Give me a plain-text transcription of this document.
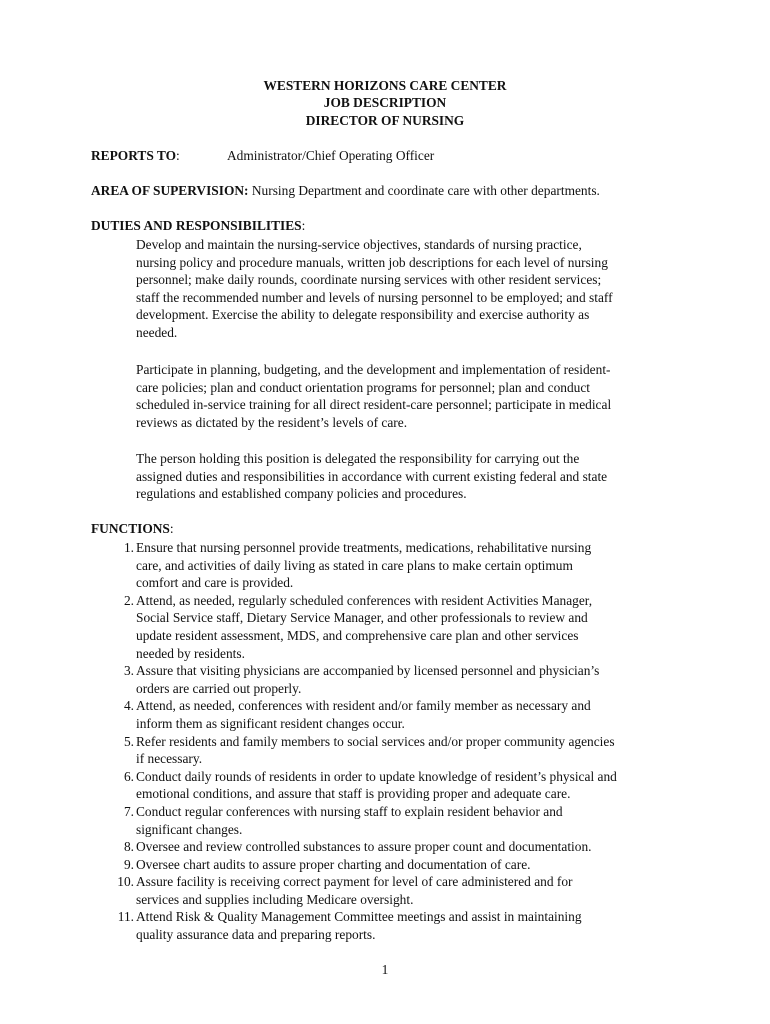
WESTERN HORIZONS CARE CENTER
JOB DESCRIPTION
DIRECTOR OF NURSING
REPORTS TO:	Administrator/Chief Operating Officer
AREA OF SUPERVISION: Nursing Department and coordinate care with other departments.
DUTIES AND RESPONSIBILITIES:

Develop and maintain the nursing-service objectives, standards of nursing practice,
nursing policy and procedure manuals, written job descriptions for each level of nursing
personnel; make daily rounds, coordinate nursing services with other resident services;
staff the recommended number and levels of nursing personnel to be employed; and staff
development. Exercise the ability to delegate responsibility and exercise authority as
needed.

Participate in planning, budgeting, and the development and implementation of resident-
care policies; plan and conduct orientation programs for personnel; plan and conduct
scheduled in-service training for all direct resident-care personnel; participate in medical
reviews as dictated by the resident’s levels of care.

The person holding this position is delegated the responsibility for carrying out the
assigned duties and responsibilities in accordance with current existing federal and state
regulations and established company policies and procedures.

FUNCTIONS:
1. Ensure that nursing personnel provide treatments, medications, rehabilitative nursing
care, and activities of daily living as stated in care plans to make certain optimum
comfort and care is provided.
2. Attend, as needed, regularly scheduled conferences with resident Activities Manager,
Social Service staff, Dietary Service Manager, and other professionals to review and
update resident assessment, MDS, and comprehensive care plan and other services
needed by residents.
3. Assure that visiting physicians are accompanied by licensed personnel and physician’s
orders are carried out properly.
4. Attend, as needed, conferences with resident and/or family member as necessary and
inform them as significant resident changes occur.
5. Refer residents and family members to social services and/or proper community agencies
if necessary.
6. Conduct daily rounds of residents in order to update knowledge of resident’s physical and
emotional conditions, and assure that staff is providing proper and adequate care.
7. Conduct regular conferences with nursing staff to explain resident behavior and
significant changes.
8. Oversee and review controlled substances to assure proper count and documentation.
9. Oversee chart audits to assure proper charting and documentation of care.
10. Assure facility is receiving correct payment for level of care administered and for
services and supplies including Medicare oversight.
11. Attend Risk & Quality Management Committee meetings and assist in maintaining
quality assurance data and preparing reports.
1
